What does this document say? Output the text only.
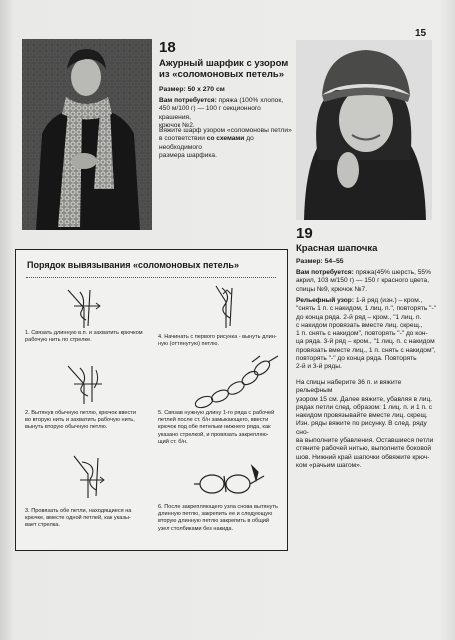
15
18
Ажурный шарфик с узором
из «соломоновых петель»
Размер: 50 x 270 см
Вам потребуется: пряжа (100% хлопок,
450 м/100 г) — 100 г секционного крашения,
крючок №2.
Вяжите шарф узором «соломоновы петли»
в соответствии со схемами до необходимого
размера шарфика.
19
Красная шапочка
Размер: 54–55
Вам потребуется: пряжа(45% шерсть, 55%
акрил, 103 м/150 г) — 150 г красного цвета,
спицы №9, крючок №7.
Рельефный узор: 1-й ряд (изн.) – кром.,
"снять 1 п. с накидом, 1 лиц. п.", повторять "-"
до конца ряда. 2-й ряд – кром., "1 лиц. п.
с накидом провязать вместе лиц. скрещ.,
1 п. снять с накидом", повторять "-" до кон-
ца ряда. 3-й ряд – кром., "1 лиц. п. с накидом
провязать вместе лиц., 1 п. снять с накидом", повторять "-" до конца ряда. Повторять
2-й и 3-й ряды.
На спицы наберите 36 п. и вяжите рельефным
узором 15 см. Далее вяжите, убавляя в лиц.
рядах петли след. образом: 1 лиц. п. и 1 п. с
накидом провязывайте вместе лиц. скрещ.
Изн. ряды вяжите по рисунку. В след. ряду сно-
ва выполните убавления. Оставшиеся петли
стяните рабочей нитью, выполните боковой
шов. Нижний край шапочки обвяжите крюч-
ком «рачьим шагом».
Порядок вывязывания «соломоновых петель»
1. Связать длинную в.п. и захватить крючком
рабочую нить по стрелке.
2. Вытянув обычную петлю, крючок ввести
во вторую нить и захватить рабочую нить,
вынуть вторую обычную петлю.
3. Провязать обе петли, находящиеся на
крючке, вместе одной петлей, как указы-
вает стрелка.
4. Начинать с первого рисунка - вынуть длин-
ную (оттянутую) петлю.
5. Связав нужную длину 1-го ряда с рабочей
петлей после ст. б/н замыкающего, ввести
крючок под обе петельки нижнего ряда, как
указано стрелкой, и провязать закрепляю-
щий ст. б/н.
6. После закрепляющего узла снова вытянуть
длинную петлю, закрепить ее и следующую
вторую длинную петлю закрепить в общий
узел столбиками без накида.
